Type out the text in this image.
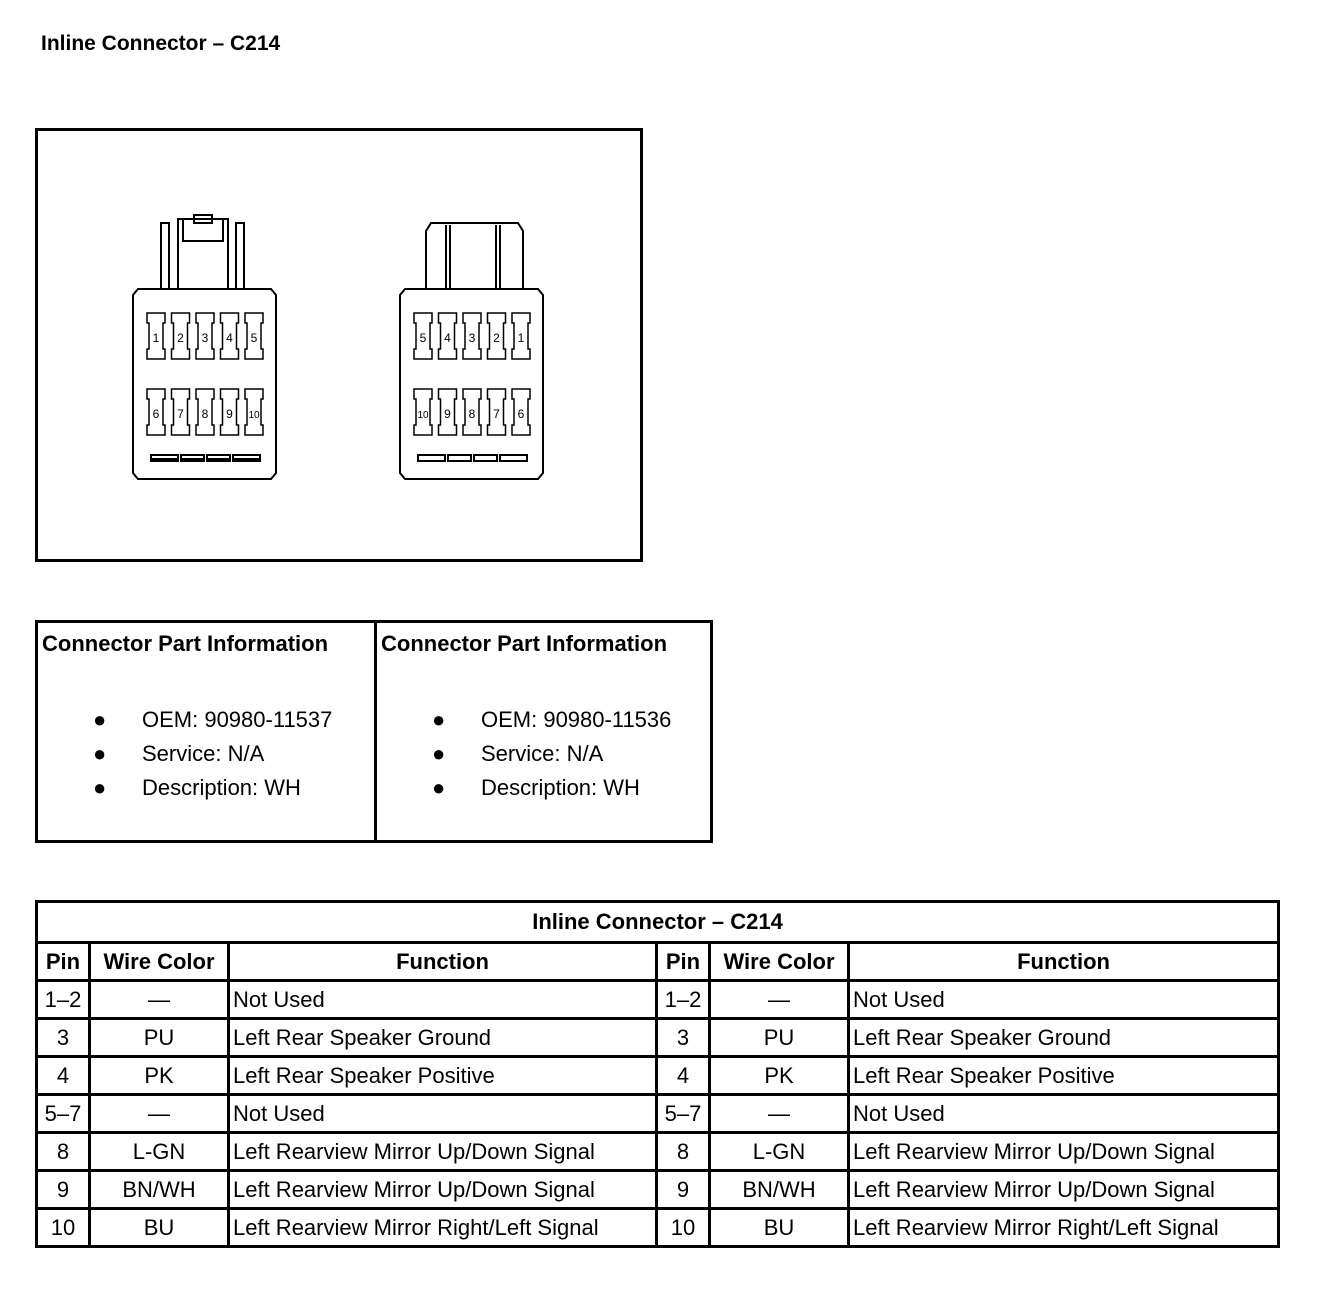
Inline Connector – C214
1 2 3 4 5
6 7 8 9 10
5 4 3 2 1
10 9 8 7 6
Connector Part Information
● OEM: 90980-11537
● Service: N/A
● Description: WH
Connector Part Information
● OEM: 90980-11536
● Service: N/A
● Description: WH
Inline Connector – C214					
Pin	Wire Color	Function	Pin	Wire Color	Function
1–2	—	Not Used	1–2	—	Not Used
3	PU	Left Rear Speaker Ground	3	PU	Left Rear Speaker Ground
4	PK	Left Rear Speaker Positive	4	PK	Left Rear Speaker Positive
5–7	—	Not Used	5–7	—	Not Used
8	L-GN	Left Rearview Mirror Up/Down Signal	8	L-GN	Left Rearview Mirror Up/Down Signal
9	BN/WH	Left Rearview Mirror Up/Down Signal	9	BN/WH	Left Rearview Mirror Up/Down Signal
10	BU	Left Rearview Mirror Right/Left Signal	10	BU	Left Rearview Mirror Right/Left Signal
